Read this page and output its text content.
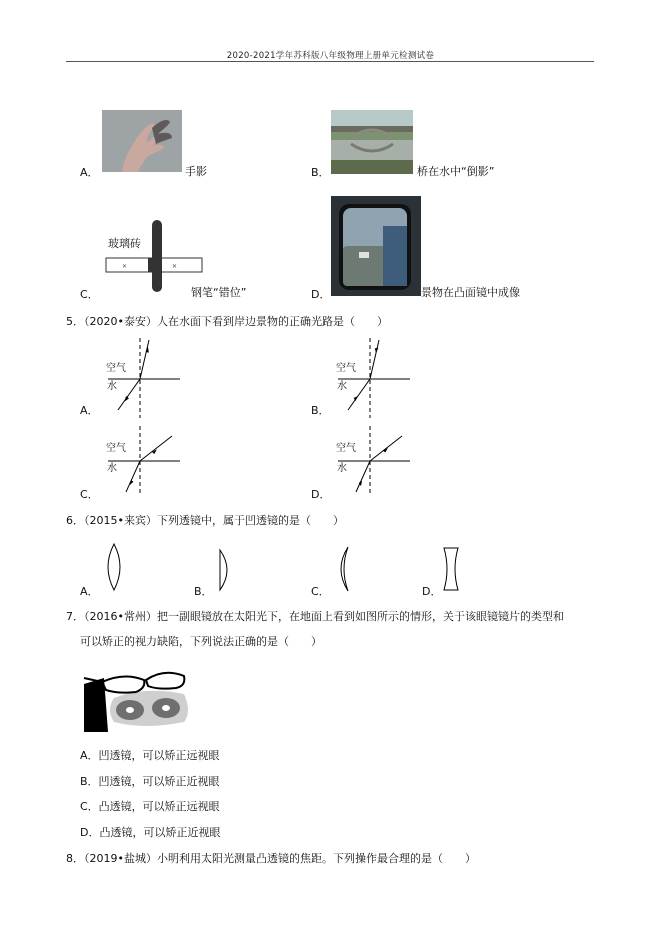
2020-2021学年苏科版八年级物理上册单元检测试卷
A．	手影	B．	桥在水中“倒影”
✕	✕
玻璃砖
C．	钢笔“错位”	D．	景物在凸面镜中成像
5．（2020•泰安）人在水面下看到岸边景物的正确光路是（　　）
空气
水
A．
空气
水
B．
空气
水
C．
空气
水
D．
6．（2015•来宾）下列透镜中，属于凹透镜的是（　　）
A．	B．	C．	D．
7．（2016•常州）把一副眼镜放在太阳光下，在地面上看到如图所示的情形，关于该眼镜镜片的类型和
可以矫正的视力缺陷，下列说法正确的是（　　）
A．凹透镜，可以矫正远视眼
B．凹透镜，可以矫正近视眼
C．凸透镜，可以矫正远视眼
D．凸透镜，可以矫正近视眼
8．（2019•盐城）小明利用太阳光测量凸透镜的焦距。下列操作最合理的是（　　）
